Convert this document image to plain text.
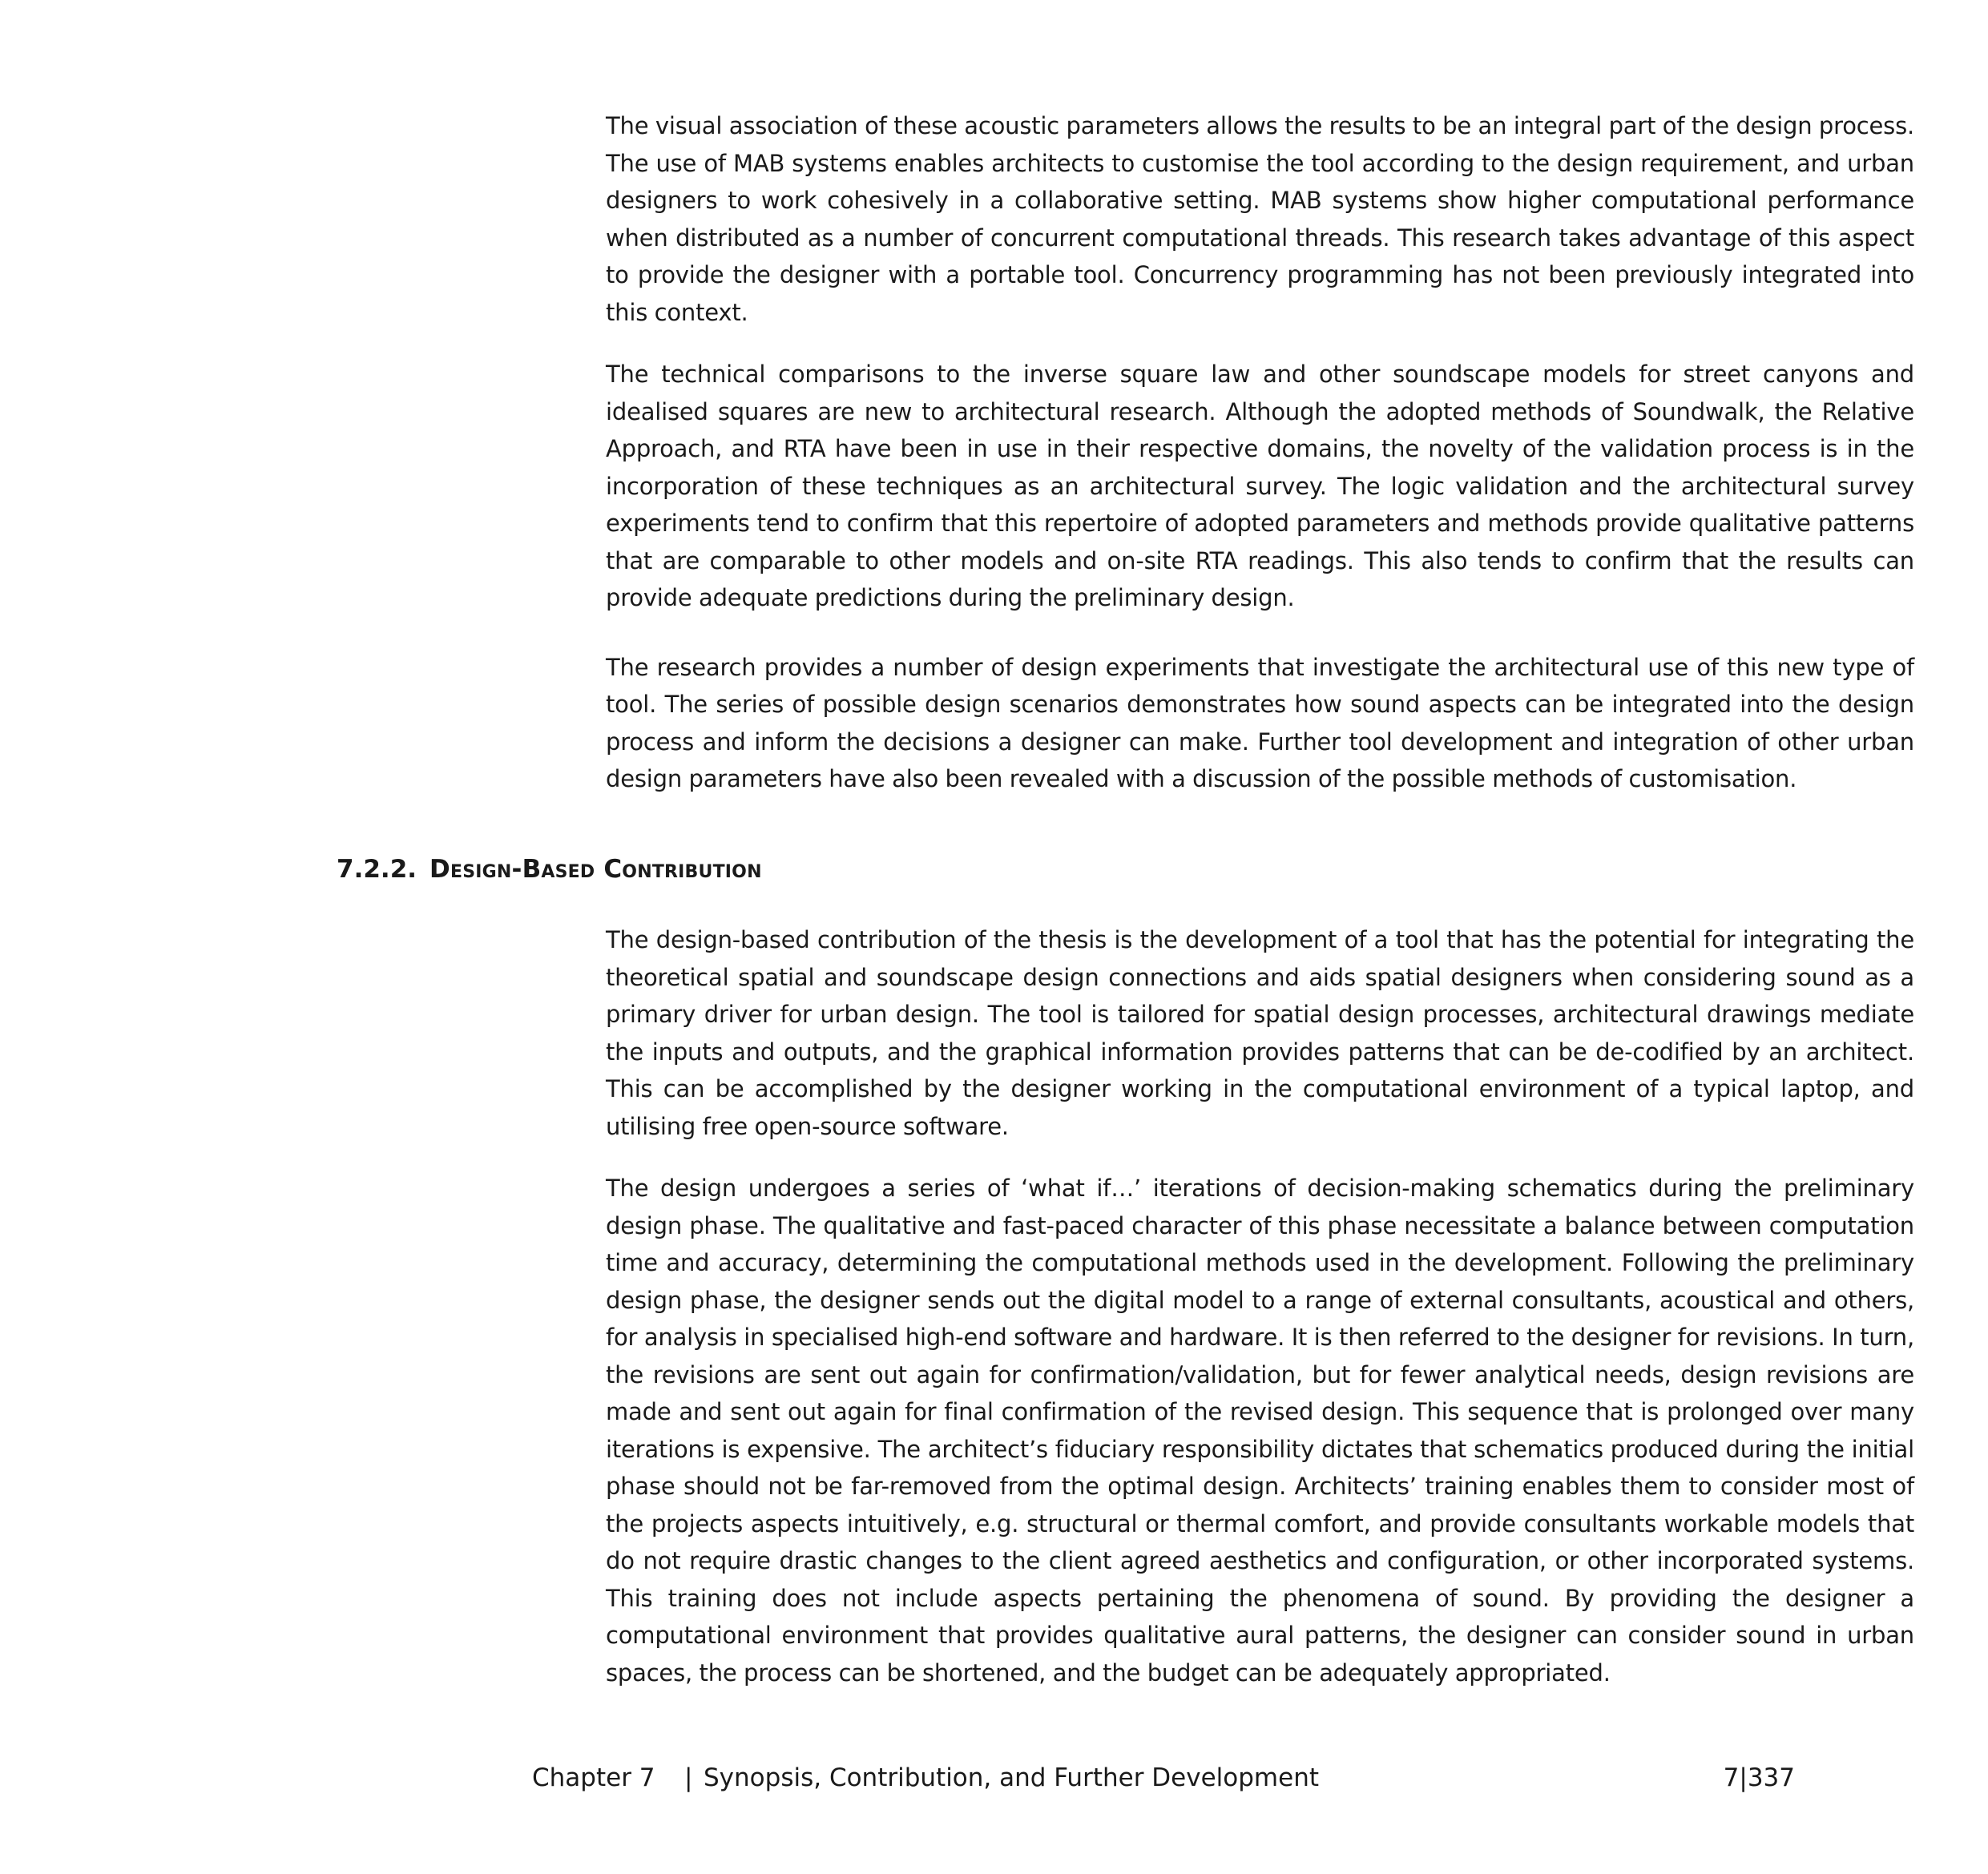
The visual association of these acoustic parameters allows the results to be an integral part of the design process. The use of MAB systems enables architects to customise the tool according to the design requirement, and urban designers to work cohesively in a collaborative setting. MAB systems show higher computational performance when distributed as a number of concurrent computational threads. This research takes advantage of this aspect to provide the designer with a portable tool. Concurrency programming has not been previously integrated into this context.

The technical comparisons to the inverse square law and other soundscape models for street canyons and idealised squares are new to architectural research. Although the adopted methods of Soundwalk, the Relative Approach, and RTA have been in use in their respective domains, the novelty of the validation process is in the incorporation of these techniques as an architectural survey. The logic validation and the architectural survey experiments tend to confirm that this repertoire of adopted parameters and methods provide qualitative patterns that are comparable to other models and on-site RTA readings. This also tends to confirm that the results can provide adequate predictions during the preliminary design.

The research provides a number of design experiments that investigate the architectural use of this new type of tool. The series of possible design scenarios demonstrates how sound aspects can be integrated into the design process and inform the decisions a designer can make. Further tool development and integration of other urban design parameters have also been revealed with a discussion of the possible methods of customisation.

7.2.2. Design-Based Contribution

The design-based contribution of the thesis is the development of a tool that has the potential for integrating the theoretical spatial and soundscape design connections and aids spatial designers when considering sound as a primary driver for urban design. The tool is tailored for spatial design processes, architectural drawings mediate the inputs and outputs, and the graphical information provides patterns that can be de-codified by an architect. This can be accomplished by the designer working in the computational environment of a typical laptop, and utilising free open-source software.

The design undergoes a series of ‘what if…’ iterations of decision-making schematics during the preliminary design phase. The qualitative and fast-paced character of this phase necessitate a balance between computation time and accuracy, determining the computational methods used in the development. Following the preliminary design phase, the designer sends out the digital model to a range of external consultants, acoustical and others, for analysis in specialised high-end software and hardware. It is then referred to the designer for revisions. In turn, the revisions are sent out again for confirmation/validation, but for fewer analytical needs, design revisions are made and sent out again for final confirmation of the revised design. This sequence that is prolonged over many iterations is expensive. The architect’s fiduciary responsibility dictates that schematics produced during the initial phase should not be far-removed from the optimal design. Architects’ training enables them to consider most of the projects aspects intuitively, e.g. structural or thermal comfort, and provide consultants workable models that do not require drastic changes to the client agreed aesthetics and configuration, or other incorporated systems. This training does not include aspects pertaining the phenomena of sound. By providing the designer a computational environment that provides qualitative aural patterns, the designer can consider sound in urban spaces, the process can be shortened, and the budget can be adequately appropriated.

Chapter 7 | Synopsis, Contribution, and Further Development	7|337
